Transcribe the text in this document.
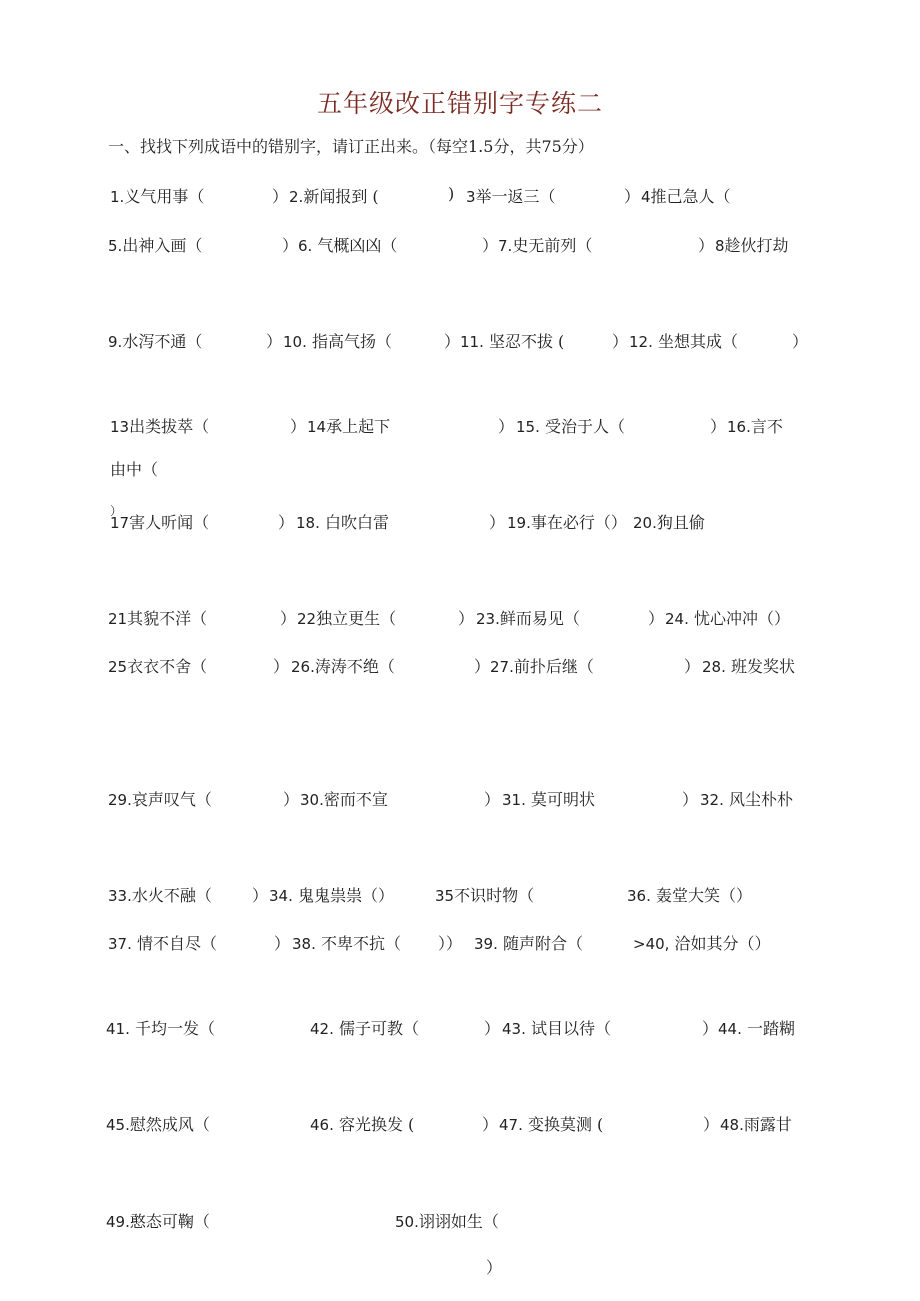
五年级改正错别字专练二
一、找找下列成语中的错别字，请订正出来。（每空1.5分，共75分）
1.义气用事（	） 2.新闻报到 (	) 3举一返三（	） 4推己急人（
5.出神入画（	） 6. 气概凶凶（	） 7.史无前列（	） 8趁伙打劫
9.水泻不通（	） 10. 指高气扬（	） 11. 坚忍不拔 (	） 12. 坐想其成（	）
13出类拔萃（	） 14承上起下	） 15. 受治于人（	） 16.言不
由中（
17害人听闻（	） 18. 白吹白雷	） 19.事在必行（） 20.狗且偷
21其貌不洋（	） 22独立更生（	） 23.鲜而易见（	） 24. 忧心冲冲（）
25衣衣不舍（	） 26.涛涛不绝（	） 27.前扑后继（	） 28. 班发奖状
29.哀声叹气（	） 30.密而不宣	） 31. 莫可明状	） 32. 风尘朴朴
33.水火不融（	） 34. 鬼鬼祟祟（）	35不识时物（	36. 轰堂大笑（）
37. 情不自尽（	） 38. 不卑不抗（ ）） 39. 随声附合（	>40, 洽如其分（）
41. 千均一发（	42. 儒子可教（	） 43. 试目以待（	） 44. 一踏糊
45.慰然成风（	46. 容光换发 (	） 47. 变换莫测 (	） 48.雨露甘
49.憨态可鞠（	50.诩诩如生（
）
）
